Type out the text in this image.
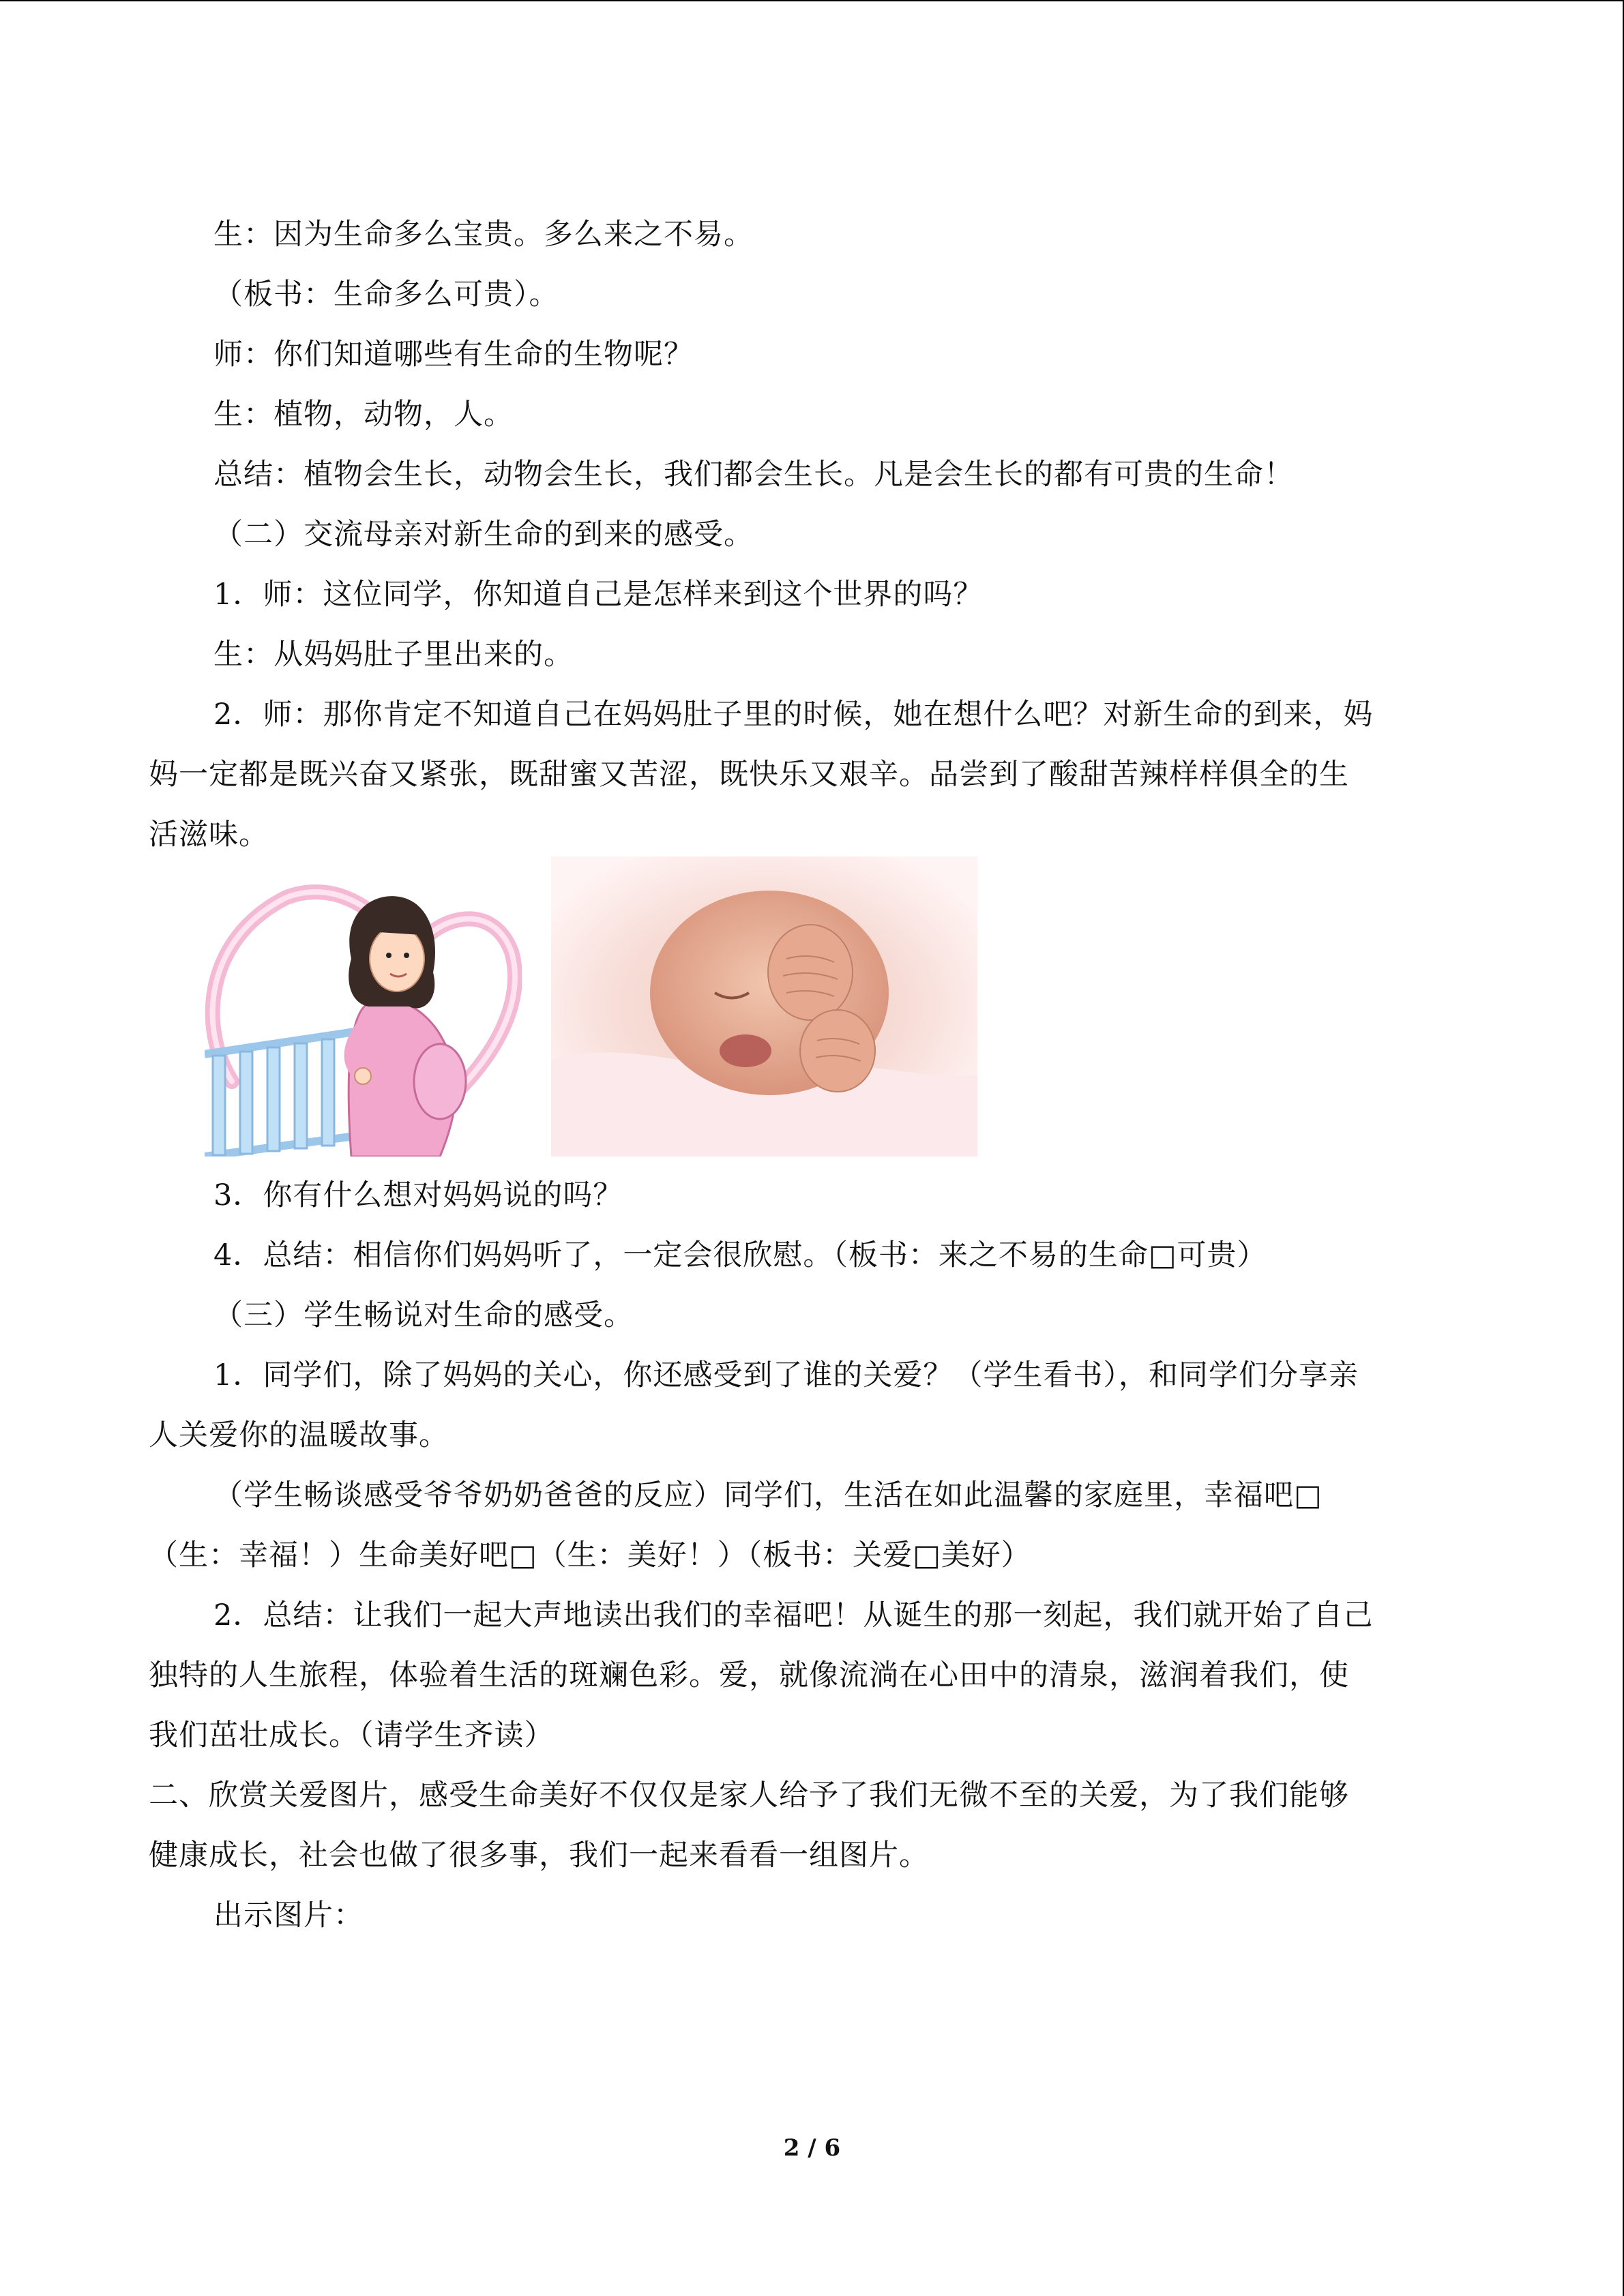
生：因为生命多么宝贵。多么来之不易。
（板书：生命多么可贵）。
师：你们知道哪些有生命的生物呢？
生：植物，动物，人。
总结：植物会生长，动物会生长，我们都会生长。凡是会生长的都有可贵的生命！
（二）交流母亲对新生命的到来的感受。
1．师：这位同学，你知道自己是怎样来到这个世界的吗？
生：从妈妈肚子里出来的。
2．师：那你肯定不知道自己在妈妈肚子里的时候，她在想什么吧？对新生命的到来，妈
妈一定都是既兴奋又紧张，既甜蜜又苦涩，既快乐又艰辛。品尝到了酸甜苦辣样样俱全的生
活滋味。
3．你有什么想对妈妈说的吗？
4．总结：相信你们妈妈听了，一定会很欣慰。（板书：来之不易的生命□可贵）
（三）学生畅说对生命的感受。
1．同学们，除了妈妈的关心，你还感受到了谁的关爱？（学生看书），和同学们分享亲
人关爱你的温暖故事。
（学生畅谈感受爷爷奶奶爸爸的反应）同学们，生活在如此温馨的家庭里，幸福吧□
（生：幸福！）生命美好吧□（生：美好！）（板书：关爱□美好）
2．总结：让我们一起大声地读出我们的幸福吧！从诞生的那一刻起，我们就开始了自己
独特的人生旅程，体验着生活的斑斓色彩。爱，就像流淌在心田中的清泉，滋润着我们，使
我们茁壮成长。（请学生齐读）
二、欣赏关爱图片，感受生命美好不仅仅是家人给予了我们无微不至的关爱，为了我们能够
健康成长，社会也做了很多事，我们一起来看看一组图片。
出示图片：
2 / 6
